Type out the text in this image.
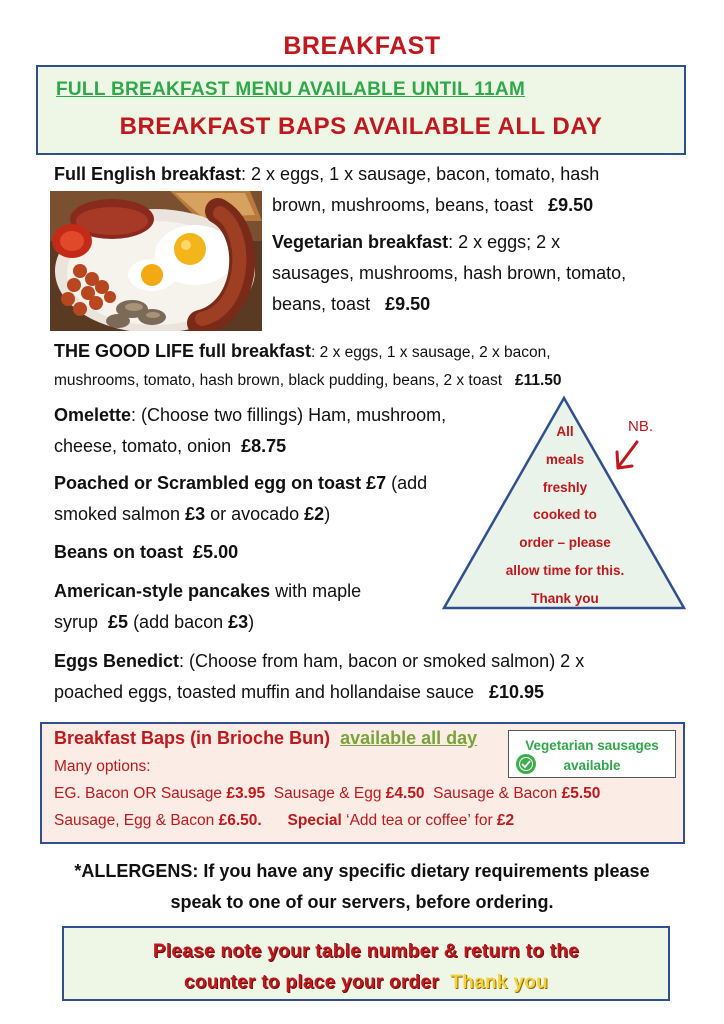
BREAKFAST
FULL BREAKFAST MENU AVAILABLE UNTIL 11AM
BREAKFAST BAPS AVAILABLE ALL DAY
Full English breakfast: 2 x eggs, 1 x sausage, bacon, tomato, hash
brown, mushrooms, beans, toast £9.50
Vegetarian breakfast: 2 x eggs; 2 x
sausages, mushrooms, hash brown, tomato,
beans, toast £9.50
THE GOOD LIFE full breakfast: 2 x eggs, 1 x sausage, 2 x bacon,
mushrooms, tomato, hash brown, black pudding, beans, 2 x toast £11.50
Omelette: (Choose two fillings) Ham, mushroom,
cheese, tomato, onion £8.75
Poached or Scrambled egg on toast £7 (add
smoked salmon £3 or avocado £2)
Beans on toast £5.00
American-style pancakes with maple
syrup £5 (add bacon £3)
Eggs Benedict: (Choose from ham, bacon or smoked salmon) 2 x
poached eggs, toasted muffin and hollandaise sauce £10.95
All
meals
freshly
cooked to
order – please
allow time for this.
Thank you
NB.
Breakfast Baps (in Brioche Bun) available all day
Many options:
EG. Bacon OR Sausage £3.95  Sausage & Egg £4.50  Sausage & Bacon £5.50
Sausage, Egg & Bacon £6.50. Special ‘Add tea or coffee’ for £2
Vegetarian sausages
available
*ALLERGENS: If you have any specific dietary requirements please
speak to one of our servers, before ordering.
Please note your table number & return to the
counter to place your order Thank you
